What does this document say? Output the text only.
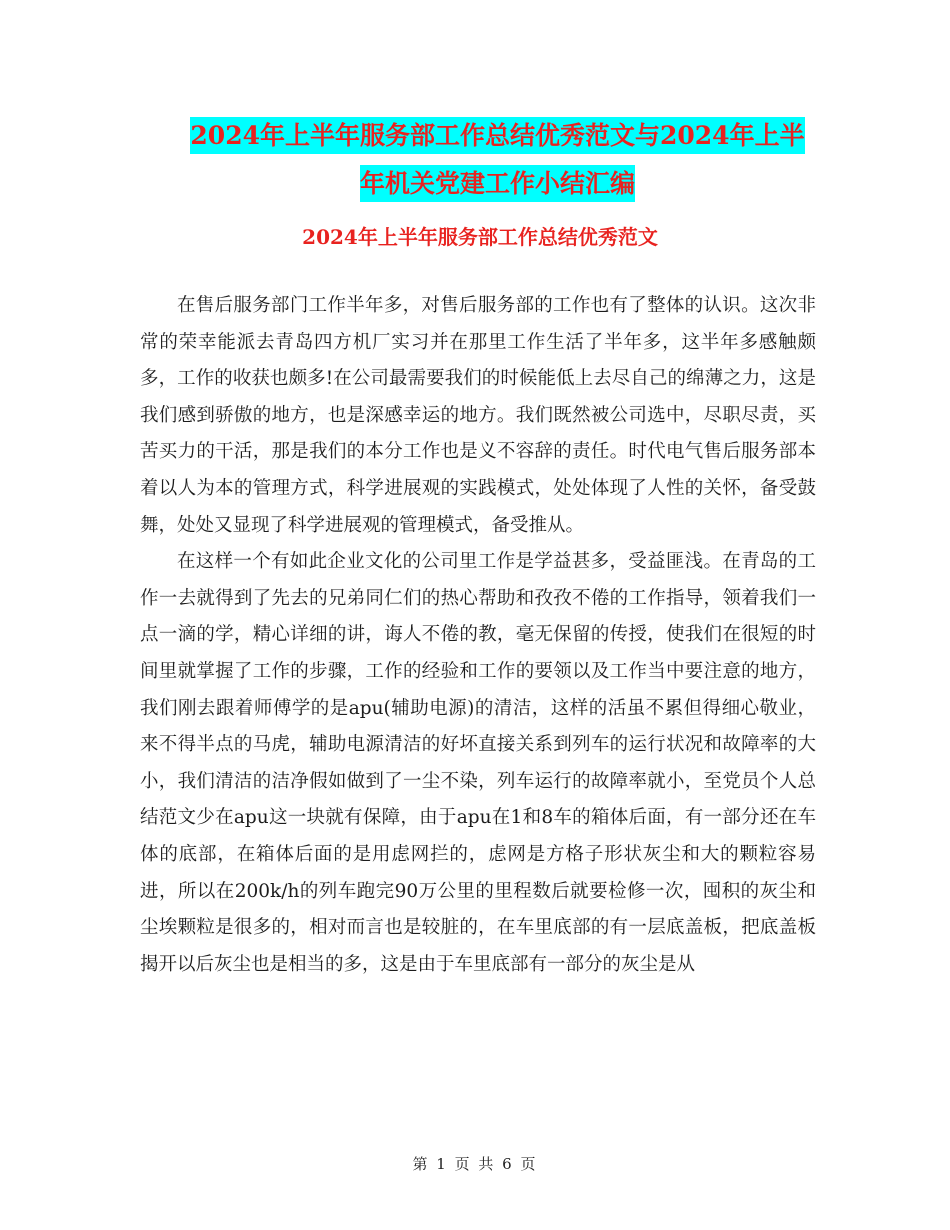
2024年上半年服务部工作总结优秀范文与2024年上半
年机关党建工作小结汇编
2024年上半年服务部工作总结优秀范文

在售后服务部门工作半年多，对售后服务部的工作也有了整体的认识。这次非常的荣幸能派去青岛四方机厂实习并在那里工作生活了半年多，这半年多感触颇多，工作的收获也颇多!在公司最需要我们的时候能低上去尽自己的绵薄之力，这是我们感到骄傲的地方，也是深感幸运的地方。我们既然被公司选中，尽职尽责，买苦买力的干活，那是我们的本分工作也是义不容辞的责任。时代电气售后服务部本着以人为本的管理方式，科学进展观的实践模式，处处体现了人性的关怀，备受鼓舞，处处又显现了科学进展观的管理模式，备受推从。

在这样一个有如此企业文化的公司里工作是学益甚多，受益匪浅。在青岛的工作一去就得到了先去的兄弟同仁们的热心帮助和孜孜不倦的工作指导，领着我们一点一滴的学，精心详细的讲，诲人不倦的教，毫无保留的传授，使我们在很短的时间里就掌握了工作的步骤，工作的经验和工作的要领以及工作当中要注意的地方，我们刚去跟着师傅学的是apu(辅助电源)的清洁，这样的活虽不累但得细心敬业，来不得半点的马虎，辅助电源清洁的好坏直接关系到列车的运行状况和故障率的大小，我们清洁的洁净假如做到了一尘不染，列车运行的故障率就小，至党员个人总结范文少在apu这一块就有保障，由于apu在1和8车的箱体后面，有一部分还在车体的底部，在箱体后面的是用虑网拦的，虑网是方格子形状灰尘和大的颗粒容易进，所以在200k/h的列车跑完90万公里的里程数后就要检修一次，囤积的灰尘和尘埃颗粒是很多的，相对而言也是较脏的，在车里底部的有一层底盖板，把底盖板揭开以后灰尘也是相当的多，这是由于车里底部有一部分的灰尘是从

第 1 页 共 6 页
